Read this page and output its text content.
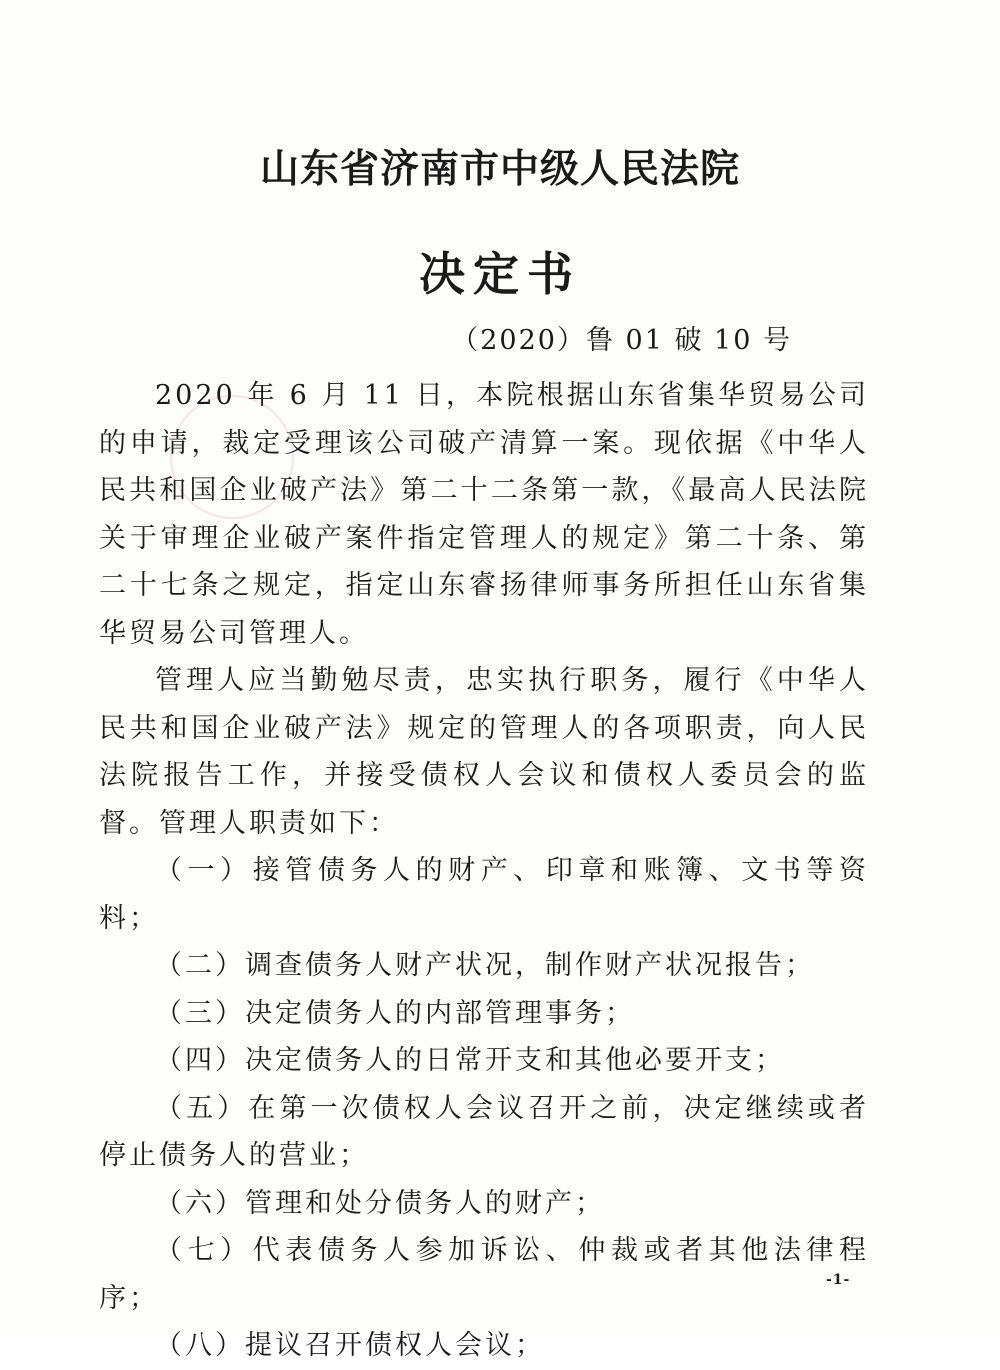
山东省济南市中级人民法院
决定书
（2020）鲁 01 破 10 号

2020 年 6 月 11 日，本院根据山东省集华贸易公司的申请，裁定受理该公司破产清算一案。现依据《中华人民共和国企业破产法》第二十二条第一款，《最高人民法院关于审理企业破产案件指定管理人的规定》第二十条、第二十七条之规定，指定山东睿扬律师事务所担任山东省集华贸易公司管理人。

管理人应当勤勉尽责，忠实执行职务，履行《中华人民共和国企业破产法》规定的管理人的各项职责，向人民法院报告工作，并接受债权人会议和债权人委员会的监督。管理人职责如下：

（一）接管债务人的财产、印章和账簿、文书等资料；

（二）调查债务人财产状况，制作财产状况报告；

（三）决定债务人的内部管理事务；

（四）决定债务人的日常开支和其他必要开支；

（五）在第一次债权人会议召开之前，决定继续或者停止债务人的营业；

（六）管理和处分债务人的财产；

（七）代表债务人参加诉讼、仲裁或者其他法律程序；

（八）提议召开债权人会议；

-1-
